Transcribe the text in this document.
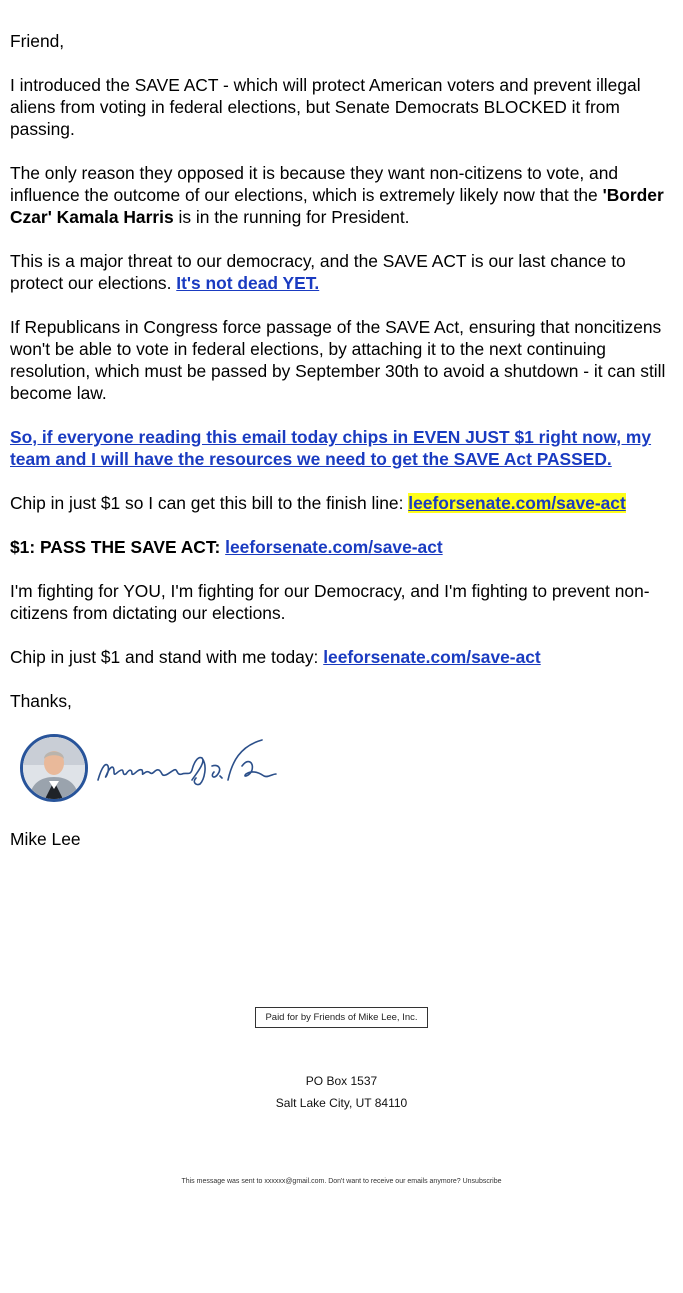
Friend,

I introduced the SAVE ACT - which will protect American voters and prevent illegal aliens from voting in federal elections, but Senate Democrats BLOCKED it from passing.

The only reason they opposed it is because they want non-citizens to vote, and influence the outcome of our elections, which is extremely likely now that the 'Border Czar' Kamala Harris is in the running for President.

This is a major threat to our democracy, and the SAVE ACT is our last chance to protect our elections. It's not dead YET.

If Republicans in Congress force passage of the SAVE Act, ensuring that noncitizens won't be able to vote in federal elections, by attaching it to the next continuing resolution, which must be passed by September 30th to avoid a shutdown - it can still become law.

So, if everyone reading this email today chips in EVEN JUST $1 right now, my team and I will have the resources we need to get the SAVE Act PASSED.

Chip in just $1 so I can get this bill to the finish line: leeforsenate.com/save-act

$1: PASS THE SAVE ACT: leeforsenate.com/save-act

I'm fighting for YOU, I'm fighting for our Democracy, and I'm fighting to prevent non-citizens from dictating our elections.

Chip in just $1 and stand with me today: leeforsenate.com/save-act

Thanks,

Mike Lee

Paid for by Friends of Mike Lee, Inc.
PO Box 1537
Salt Lake City, UT 84110
This message was sent to xxxxxx@gmail.com. Don't want to receive our emails anymore? Unsubscribe
